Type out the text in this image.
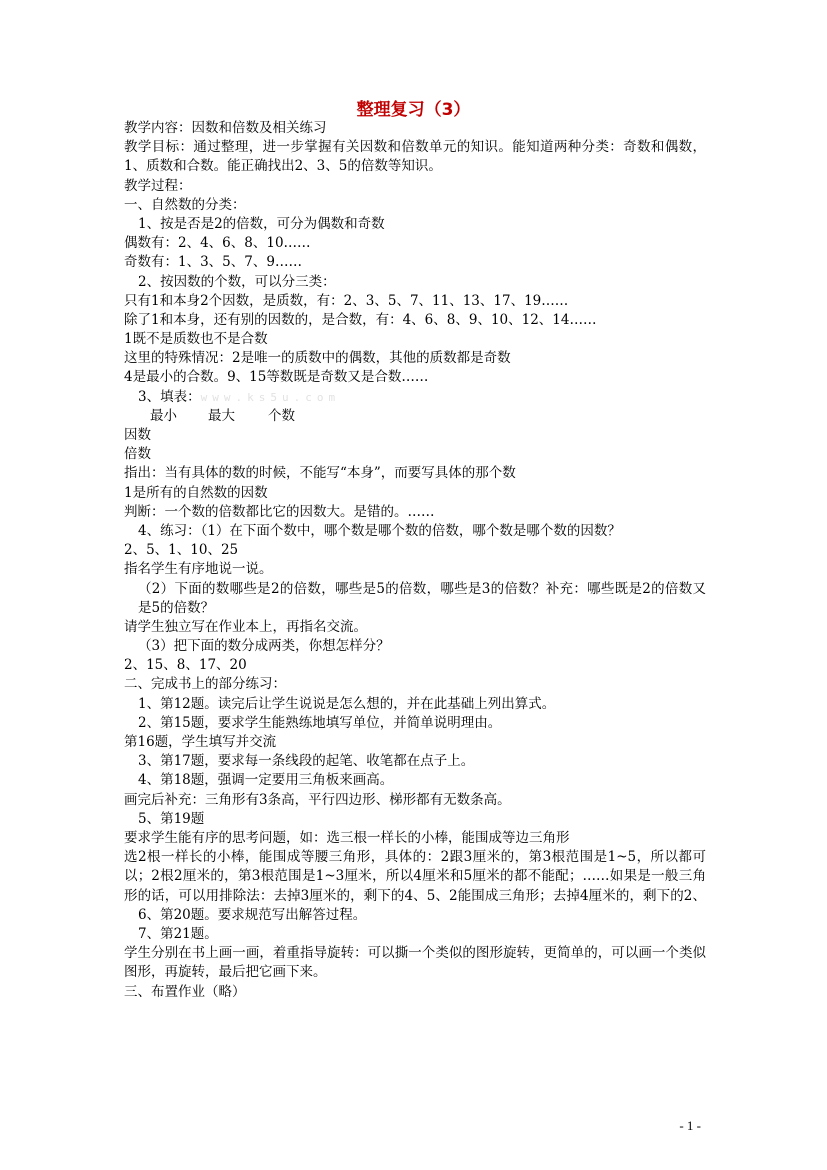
整理复习（3）
教学内容：因数和倍数及相关练习
教学目标：通过整理，进一步掌握有关因数和倍数单元的知识。能知道两种分类：奇数和偶数，1、质数和合数。能正确找出2、3、5的倍数等知识。
教学过程：
一、自然数的分类：
1、按是否是2的倍数，可分为偶数和奇数
偶数有：2、4、6、8、10……
奇数有：1、3、5、7、9……
2、按因数的个数，可以分三类：
只有1和本身2个因数，是质数，有：2、3、5、7、11、13、17、19……
除了1和本身，还有别的因数的，是合数，有：4、6、8、9、10、12、14……
1既不是质数也不是合数
这里的特殊情况：2是唯一的质数中的偶数，其他的质数都是奇数
4是最小的合数。9、15等数既是奇数又是合数……
3、填表：www.ks5u.com
最小	最大	个数
因数
倍数
指出：当有具体的数的时候，不能写“本身”，而要写具体的那个数
1是所有的自然数的因数
判断：一个数的倍数都比它的因数大。是错的。……
4、练习：（1）在下面个数中，哪个数是哪个数的倍数，哪个数是哪个数的因数？
2、5、1、10、25
指名学生有序地说一说。
（2）下面的数哪些是2的倍数，哪些是5的倍数，哪些是3的倍数？补充：哪些既是2的倍数又是5的倍数？
请学生独立写在作业本上，再指名交流。
（3）把下面的数分成两类，你想怎样分？
2、15、8、17、20
二、完成书上的部分练习：
1、第12题。读完后让学生说说是怎么想的，并在此基础上列出算式。
2、第15题，要求学生能熟练地填写单位，并简单说明理由。
第16题，学生填写并交流
3、第17题，要求每一条线段的起笔、收笔都在点子上。
4、第18题，强调一定要用三角板来画高。
画完后补充：三角形有3条高，平行四边形、梯形都有无数条高。
5、第19题
要求学生能有序的思考问题，如：选三根一样长的小棒，能围成等边三角形
选2根一样长的小棒，能围成等腰三角形，具体的：2跟3厘米的，第3根范围是1~5，所以都可以；2根2厘米的，第3根范围是1~3厘米，所以4厘米和5厘米的都不能配；……如果是一般三角形的话，可以用排除法：去掉3厘米的，剩下的4、5、2能围成三角形；去掉4厘米的，剩下的2、
6、第20题。要求规范写出解答过程。
7、第21题。
学生分别在书上画一画，着重指导旋转：可以撕一个类似的图形旋转，更简单的，可以画一个类似图形，再旋转，最后把它画下来。
三、布置作业（略）
- 1 -
